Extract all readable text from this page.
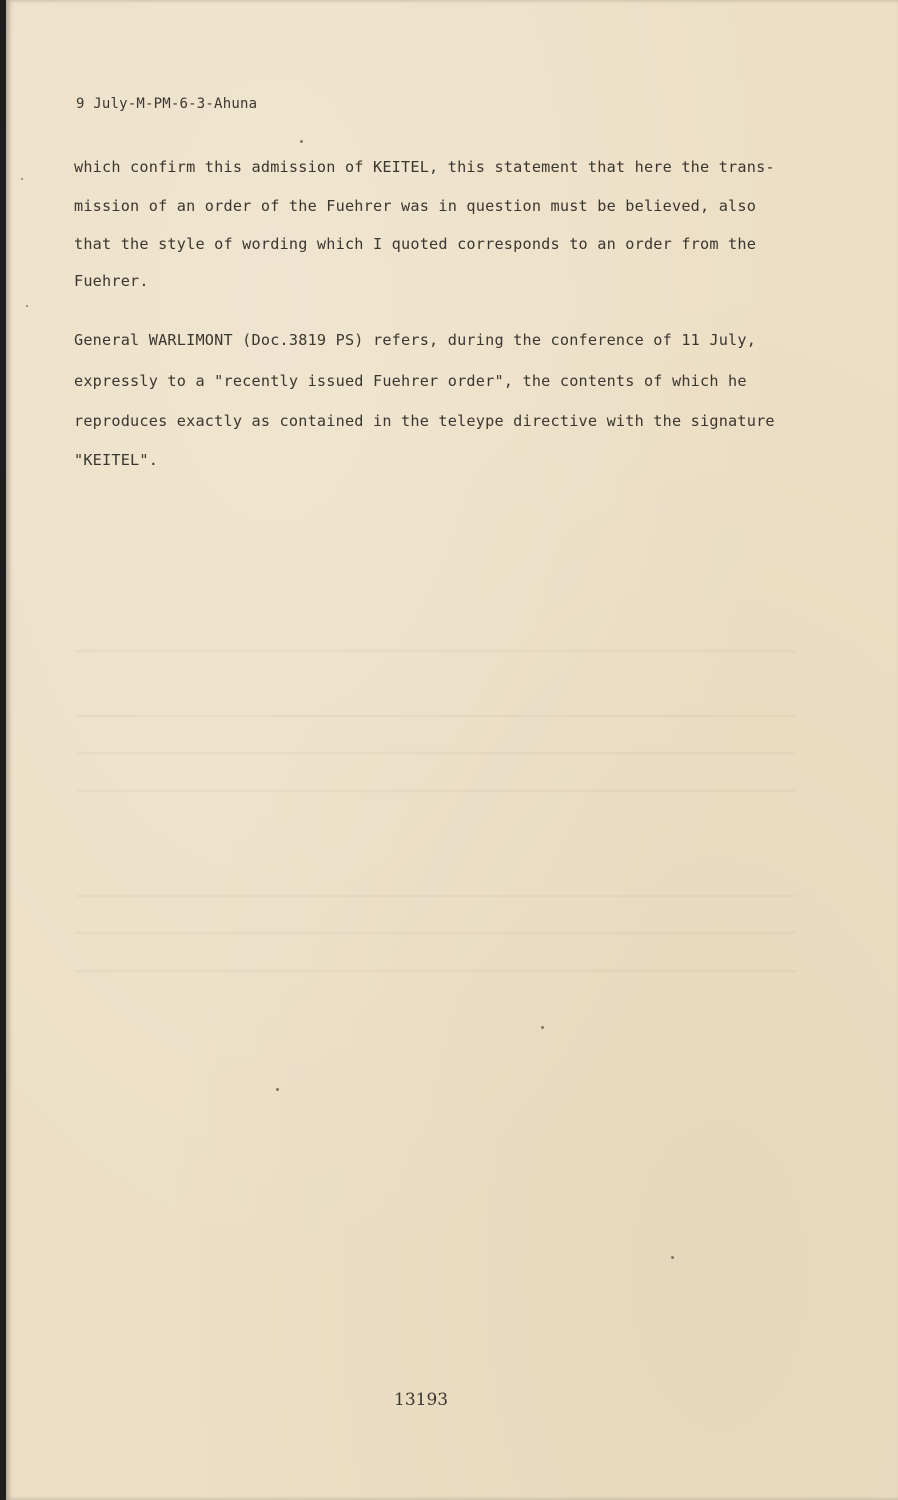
9 July-M-PM-6-3-Ahuna

which confirm this admission of KEITEL, this statement that here the trans-

mission of an order of the Fuehrer was in question must be believed, also

that the style of wording which I quoted corresponds to an order from the

Fuehrer.

General WARLIMONT (Doc.3819 PS) refers, during the conference of 11 July,

expressly to a "recently issued Fuehrer order", the contents of which he

reproduces exactly as contained in the teleype directive with the signature

"KEITEL".

13193
